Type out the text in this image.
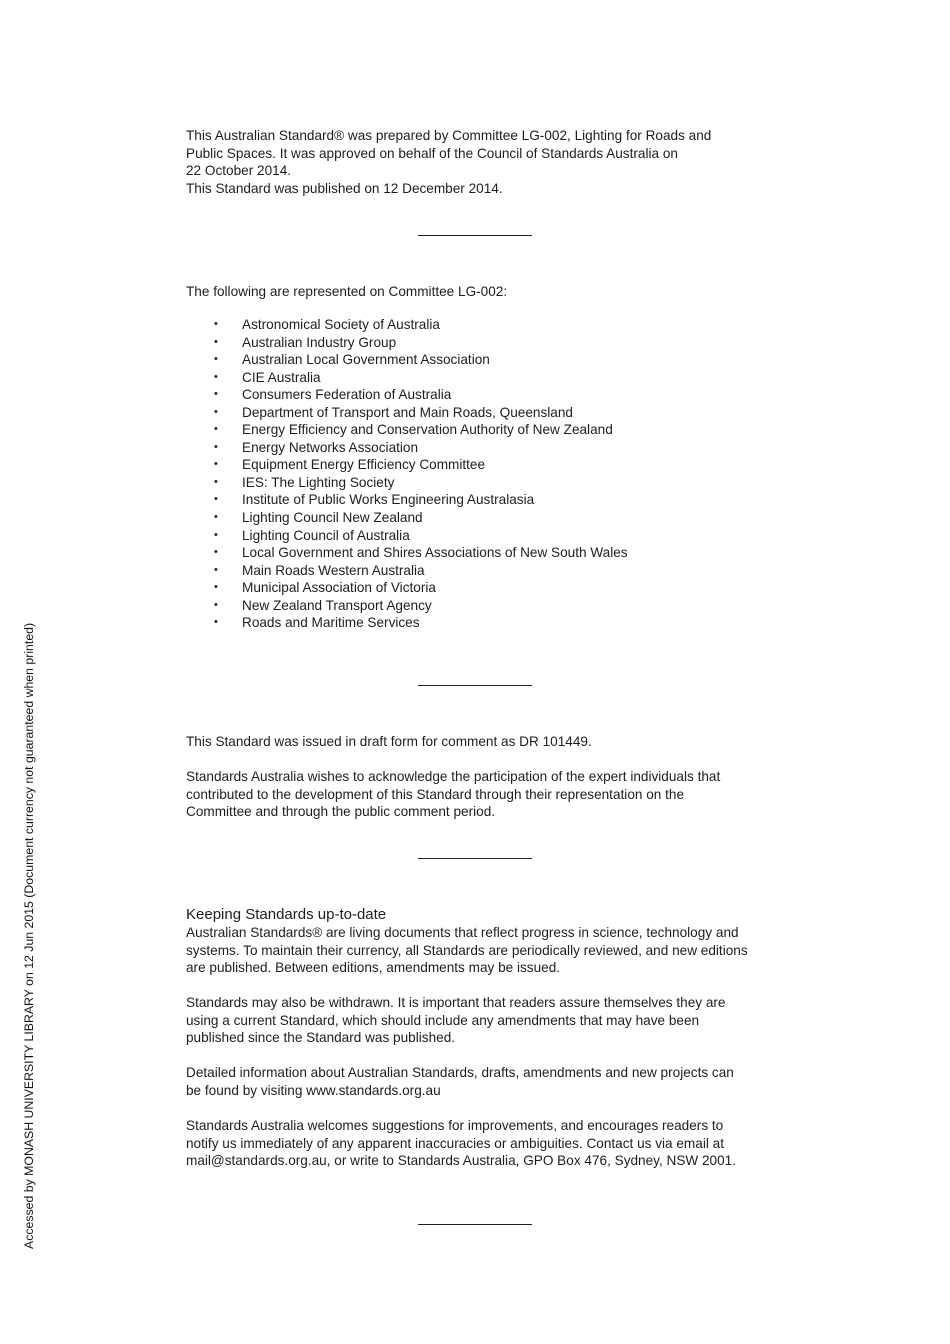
This Australian Standard® was prepared by Committee LG-002, Lighting for Roads and
Public Spaces. It was approved on behalf of the Council of Standards Australia on
22 October 2014.
This Standard was published on 12 December 2014.

The following are represented on Committee LG-002:

• Astronomical Society of Australia
• Australian Industry Group
• Australian Local Government Association
• CIE Australia
• Consumers Federation of Australia
• Department of Transport and Main Roads, Queensland
• Energy Efficiency and Conservation Authority of New Zealand
• Energy Networks Association
• Equipment Energy Efficiency Committee
• IES: The Lighting Society
• Institute of Public Works Engineering Australasia
• Lighting Council New Zealand
• Lighting Council of Australia
• Local Government and Shires Associations of New South Wales
• Main Roads Western Australia
• Municipal Association of Victoria
• New Zealand Transport Agency
• Roads and Maritime Services

This Standard was issued in draft form for comment as DR 101449.

Standards Australia wishes to acknowledge the participation of the expert individuals that
contributed to the development of this Standard through their representation on the
Committee and through the public comment period.

Keeping Standards up-to-date

Australian Standards® are living documents that reflect progress in science, technology and
systems. To maintain their currency, all Standards are periodically reviewed, and new editions
are published. Between editions, amendments may be issued.
Standards may also be withdrawn. It is important that readers assure themselves they are
using a current Standard, which should include any amendments that may have been
published since the Standard was published.
Detailed information about Australian Standards, drafts, amendments and new projects can
be found by visiting www.standards.org.au
Standards Australia welcomes suggestions for improvements, and encourages readers to
notify us immediately of any apparent inaccuracies or ambiguities. Contact us via email at
mail@standards.org.au, or write to Standards Australia, GPO Box 476, Sydney, NSW 2001.
Accessed by MONASH UNIVERSITY LIBRARY on 12 Jun 2015 (Document currency not guaranteed when printed)
